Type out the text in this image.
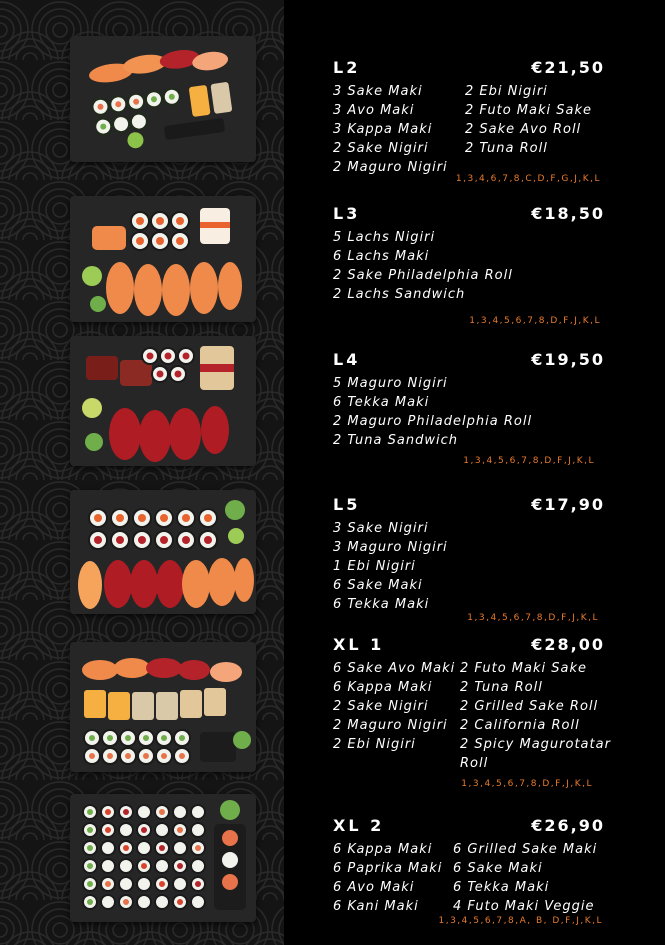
L2	€21,50
3 Sake Maki
3 Avo Maki
3 Kappa Maki
2 Sake Nigiri
2 Maguro Nigiri
2 Ebi Nigiri
2 Futo Maki Sake
2 Sake Avo Roll
2 Tuna Roll
1,3,4,6,7,8,C,D,F,G,J,K,L
L3	€18,50
5 Lachs Nigiri
6 Lachs Maki
2 Sake Philadelphia Roll
2 Lachs Sandwich
1,3,4,5,6,7,8,D,F,J,K,L
L4	€19,50
5 Maguro Nigiri
6 Tekka Maki
2 Maguro Philadelphia Roll
2 Tuna Sandwich
1,3,4,5,6,7,8,D,F,J,K,L
L5	€17,90
3 Sake Nigiri
3 Maguro Nigiri
1 Ebi Nigiri
6 Sake Maki
6 Tekka Maki
1,3,4,5,6,7,8,D,F,J,K,L
XL 1	€28,00
6 Sake Avo Maki
6 Kappa Maki
2 Sake Nigiri
2 Maguro Nigiri
2 Ebi Nigiri
2 Futo Maki Sake
2 Tuna Roll
2 Grilled Sake Roll
2 California Roll
2 Spicy Magurotatar
Roll
1,3,4,5,6,7,8,D,F,J,K,L
XL 2	€26,90
6 Kappa Maki
6 Paprika Maki
6 Avo Maki
6 Kani Maki
6 Grilled Sake Maki
6 Sake Maki
6 Tekka Maki
4 Futo Maki Veggie
1,3,4,5,6,7,8,A, B, D,F,J,K,L
